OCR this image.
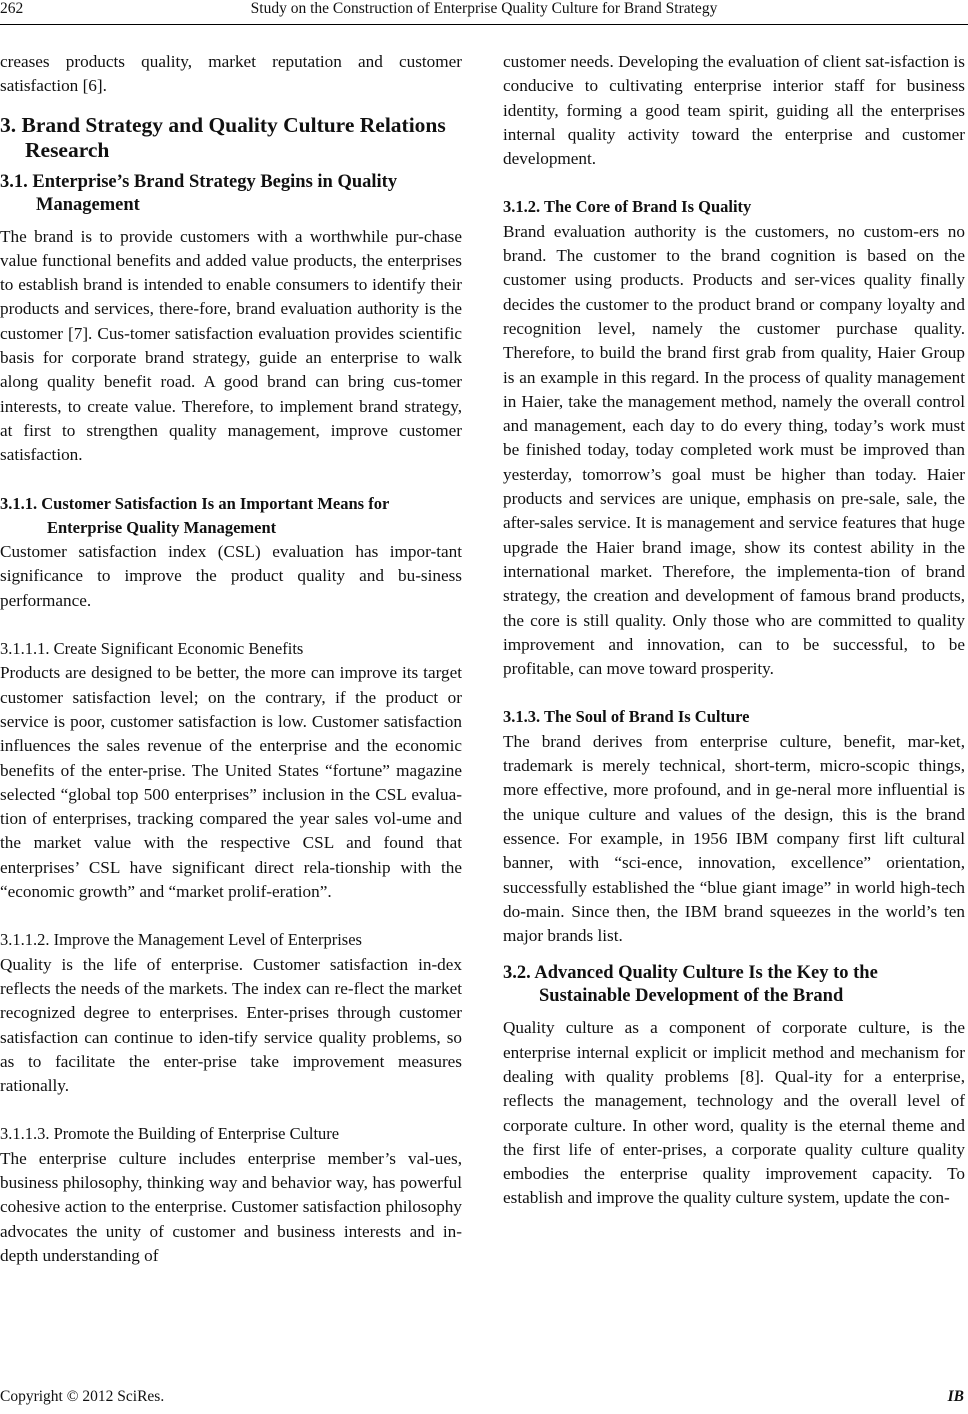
262	Study on the Construction of Enterprise Quality Culture for Brand Strategy

creases products quality, market reputation and customer satisfaction [6].

3. Brand Strategy and Quality Culture Relations Research
3.1. Enterprise’s Brand Strategy Begins in Quality Management

The brand is to provide customers with a worthwhile pur-chase value functional benefits and added value products, the enterprises to establish brand is intended to enable consumers to identify their products and services, there-fore, brand evaluation authority is the customer [7]. Cus-tomer satisfaction evaluation provides scientific basis for corporate brand strategy, guide an enterprise to walk along quality benefit road. A good brand can bring cus-tomer interests, to create value. Therefore, to implement brand strategy, at first to strengthen quality management, improve customer satisfaction.

3.1.1. Customer Satisfaction Is an Important Means for Enterprise Quality Management

Customer satisfaction index (CSL) evaluation has impor-tant significance to improve the product quality and bu-siness performance.

3.1.1.1. Create Significant Economic Benefits

Products are designed to be better, the more can improve its target customer satisfaction level; on the contrary, if the product or service is poor, customer satisfaction is low. Customer satisfaction influences the sales revenue of the enterprise and the economic benefits of the enter-prise. The United States “fortune” magazine selected “global top 500 enterprises” inclusion in the CSL evalua-tion of enterprises, tracking compared the year sales vol-ume and the market value with the respective CSL and found that enterprises’ CSL have significant direct rela-tionship with the “economic growth” and “market prolif-eration”.

3.1.1.2. Improve the Management Level of Enterprises

Quality is the life of enterprise. Customer satisfaction in-dex reflects the needs of the markets. The index can re-flect the market recognized degree to enterprises. Enter-prises through customer satisfaction can continue to iden-tify service quality problems, so as to facilitate the enter-prise take improvement measures rationally.

3.1.1.3. Promote the Building of Enterprise Culture

The enterprise culture includes enterprise member’s val-ues, business philosophy, thinking way and behavior way, has powerful cohesive action to the enterprise. Customer satisfaction philosophy advocates the unity of customer and business interests and in-depth understanding of

customer needs. Developing the evaluation of client sat-isfaction is conducive to cultivating enterprise interior staff for business identity, forming a good team spirit, guiding all the enterprises internal quality activity toward the enterprise and customer development.

3.1.2. The Core of Brand Is Quality

Brand evaluation authority is the customers, no custom-ers no brand. The customer to the brand cognition is based on the customer using products. Products and ser-vices quality finally decides the customer to the product brand or company loyalty and recognition level, namely the customer purchase quality. Therefore, to build the brand first grab from quality, Haier Group is an example in this regard. In the process of quality management in Haier, take the management method, namely the overall control and management, each day to do every thing, today’s work must be finished today, today completed work must be improved than yesterday, tomorrow’s goal must be higher than today. Haier products and services are unique, emphasis on pre-sale, sale, the after-sales service. It is management and service features that huge upgrade the Haier brand image, show its contest ability in the international market. Therefore, the implementa-tion of brand strategy, the creation and development of famous brand products, the core is still quality. Only those who are committed to quality improvement and innovation, can to be successful, to be profitable, can move toward prosperity.

3.1.3. The Soul of Brand Is Culture

The brand derives from enterprise culture, benefit, mar-ket, trademark is merely technical, short-term, micro-scopic things, more effective, more profound, and in ge-neral more influential is the unique culture and values of the design, this is the brand essence. For example, in 1956 IBM company first lift cultural banner, with “sci-ence, innovation, excellence” orientation, successfully established the “blue giant image” in world high-tech do-main. Since then, the IBM brand squeezes in the world’s ten major brands list.

3.2. Advanced Quality Culture Is the Key to the Sustainable Development of the Brand

Quality culture as a component of corporate culture, is the enterprise internal explicit or implicit method and mechanism for dealing with quality problems [8]. Qual-ity for a enterprise, reflects the management, technology and the overall level of corporate culture. In other word, quality is the eternal theme and the first life of enter-prises, a corporate quality culture quality embodies the enterprise quality improvement capacity. To establish and improve the quality culture system, update the con-

Copyright © 2012 SciRes.	IB
